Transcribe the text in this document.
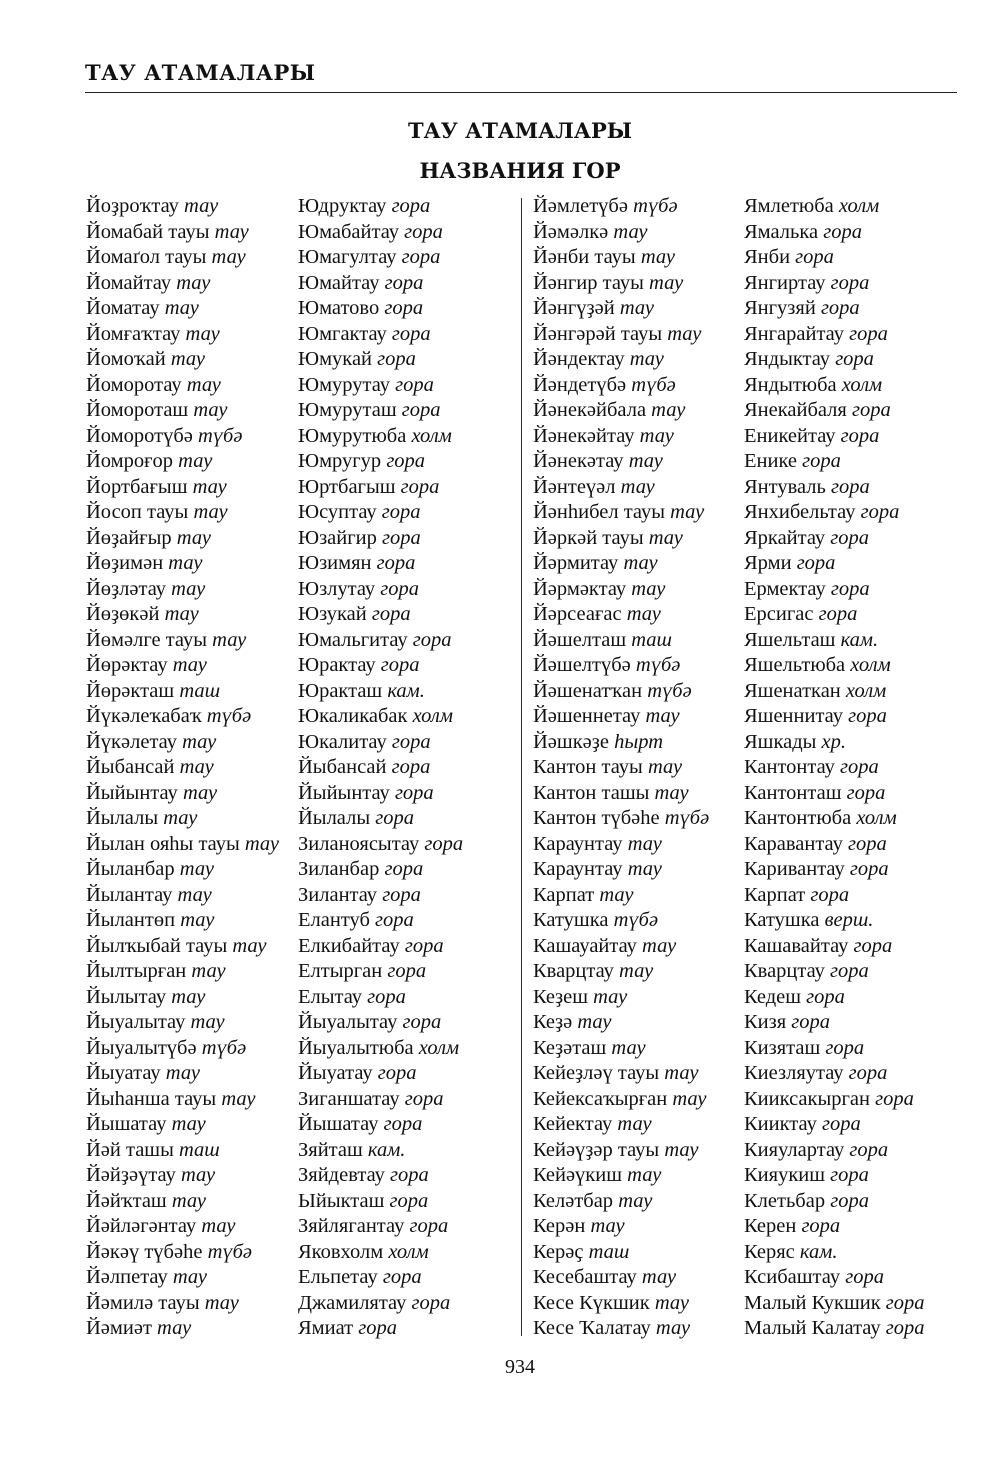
ТАУ АТАМАЛАРЫ
ТАУ АТАМАЛАРЫ
НАЗВАНИЯ ГОР
Йоҙроҡтау тау
Йомабай тауы тау
Йомаґол тауы тау
Йомайтау тау
Йоматау тау
Йомғаҡтау тау
Йомоҡай тау
Йоморотау тау
Йомороташ тау
Йоморотүбә түбә
Йомроғор тау
Йортбағыш тау
Йосоп тауы тау
Йөҙайғыр тау
Йөҙимән тау
Йөҙләтау тау
Йөҙөкәй тау
Йөмәлге тауы тау
Йөрәктау тау
Йөрәкташ таш
Йүкәлеҡабаҡ түбә
Йүкәлетау тау
Йыбансай тау
Йыйынтау тау
Йылалы тау
Йылан ояһы тауы тау
Йыланбар тау
Йылантау тау
Йылантөп тау
Йылҡыбай тауы тау
Йылтырған тау
Йылытау тау
Йыуалытау тау
Йыуалытүбә түбә
Йыуатау тау
Йыһанша тауы тау
Йышатау тау
Йәй ташы таш
Йәйҙәүтау тау
Йәйҡташ тау
Йәйләгәнтау тау
Йәкәү түбәһе түбә
Йәлпетау тау
Йәмилә тауы тау
Йәмиәт тау
Юдруктау гора
Юмабайтау гора
Юмагултау гора
Юмайтау гора
Юматово гора
Юмгактау гора
Юмукай гора
Юмурутау гора
Юмуруташ гора
Юмурутюба холм
Юмругур гора
Юртбагыш гора
Юсуптау гора
Юзайгир гора
Юзимян гора
Юзлутау гора
Юзукай гора
Юмальгитау гора
Юрактау гора
Юракташ кам.
Юкаликабак холм
Юкалитау гора
Йыбансай гора
Йыйынтау гора
Йылалы гора
Зиланоясытау гора
Зиланбар гора
Зилантау гора
Елантуб гора
Елкибайтау гора
Елтырган гора
Елытау гора
Йыуалытау гора
Йыуалытюба холм
Йыуатау гора
Зиганшатау гора
Йышатау гора
Зяйташ кам.
Зяйдевтау гора
Ыйыкташ гора
Зяйлягантау гора
Яковхолм холм
Ельпетау гора
Джамилятау гора
Ямиат гора
Йәмлетүбә түбә
Йәмәлкә тау
Йәнби тауы тау
Йәнгир тауы тау
Йәнгүҙәй тау
Йәнгәрәй тауы тау
Йәндектау тау
Йәндетүбә түбә
Йәнекәйбала тау
Йәнекәйтау тау
Йәнекәтау тау
Йәнтеүәл тау
Йәнһибел тауы тау
Йәркәй тауы тау
Йәрмитау тау
Йәрмәктау тау
Йәрсеағас тау
Йәшелташ таш
Йәшелтүбә түбә
Йәшенатҡан түбә
Йәшеннетау тау
Йәшкәҙе һырт
Кантон тауы тау
Кантон ташы тау
Кантон түбәһе түбә
Караунтау тау
Караунтау тау
Карпат тау
Катушка түбә
Кашауайтау тау
Кварцтау тау
Кеҙеш тау
Кеҙә тау
Кеҙәташ тау
Кейеҙләү тауы тау
Кейексаҡырған тау
Кейектау тау
Кейәүҙәр тауы тау
Кейәүкиш тау
Келәтбар тау
Керән тау
Керәҫ таш
Кесебаштау тау
Кесе Күкшик тау
Кесе Ҡалатау тау
Ямлетюба холм
Ямалька гора
Янби гора
Янгиртау гора
Янгузяй гора
Янгарайтау гора
Яндыктау гора
Яндытюба холм
Янекайбаля гора
Еникейтау гора
Енике гора
Янтуваль гора
Янхибельтау гора
Яркайтау гора
Ярми гора
Ермектау гора
Ерсигас гора
Яшельташ кам.
Яшельтюба холм
Яшенаткан холм
Яшеннитау гора
Яшкады хр.
Кантонтау гора
Кантонташ гора
Кантонтюба холм
Каравантау гора
Каривантау гора
Карпат гора
Катушка верш.
Кашавайтау гора
Кварцтау гора
Кедеш гора
Кизя гора
Кизяташ гора
Киезляутау гора
Кииксакырган гора
Кииктау гора
Кияулартау гора
Кияукиш гора
Клетьбар гора
Керен гора
Керяс кам.
Ксибаштау гора
Малый Кукшик гора
Малый Калатау гора
934
